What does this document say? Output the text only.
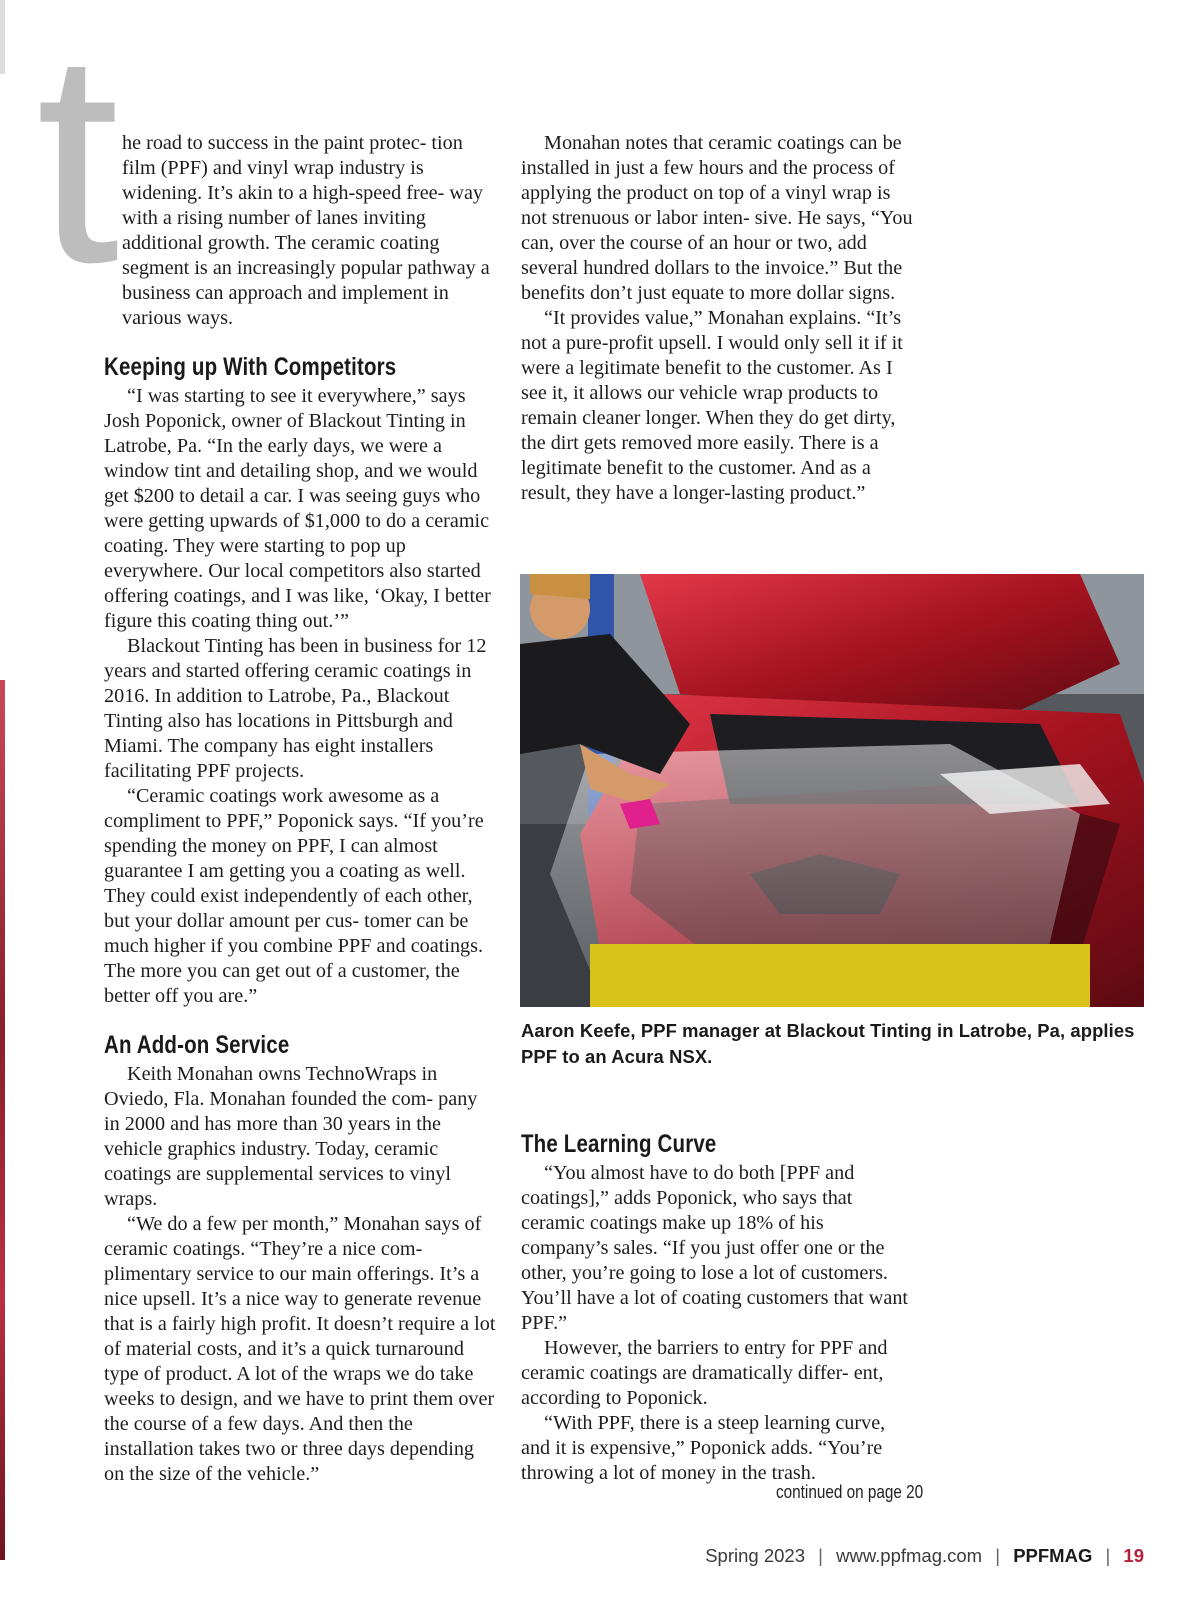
t he road to success in the paint protec- tion film (PPF) and vinyl wrap industry is widening. It’s akin to a high-speed free- way with a rising number of lanes inviting additional growth. The ceramic coating segment is an increasingly popular pathway a business can approach and implement in various ways.

Keeping up With Competitors

“I was starting to see it everywhere,” says Josh Poponick, owner of Blackout Tinting in Latrobe, Pa. “In the early days, we were a window tint and detailing shop, and we would get $200 to detail a car. I was seeing guys who were getting upwards of $1,000 to do a ceramic coating. They were starting to pop up everywhere. Our local competitors also started offering coatings, and I was like, ‘Okay, I better figure this coating thing out.’”

Blackout Tinting has been in business for 12 years and started offering ceramic coatings in 2016. In addition to Latrobe, Pa., Blackout Tinting also has locations in Pittsburgh and Miami. The company has eight installers facilitating PPF projects.

“Ceramic coatings work awesome as a compliment to PPF,” Poponick says. “If you’re spending the money on PPF, I can almost guarantee I am getting you a coating as well. They could exist independently of each other, but your dollar amount per cus- tomer can be much higher if you combine PPF and coatings. The more you can get out of a customer, the better off you are.”

An Add-on Service

Keith Monahan owns TechnoWraps in Oviedo, Fla. Monahan founded the com- pany in 2000 and has more than 30 years in the vehicle graphics industry. Today, ceramic coatings are supplemental services to vinyl wraps.

“We do a few per month,” Monahan says of ceramic coatings. “They’re a nice com- plimentary service to our main offerings. It’s a nice upsell. It’s a nice way to generate revenue that is a fairly high profit. It doesn’t require a lot of material costs, and it’s a quick turnaround type of product. A lot of the wraps we do take weeks to design, and we have to print them over the course of a few days. And then the installation takes two or three days depending on the size of the vehicle.”

Monahan notes that ceramic coatings can be installed in just a few hours and the process of applying the product on top of a vinyl wrap is not strenuous or labor inten- sive. He says, “You can, over the course of an hour or two, add several hundred dollars to the invoice.” But the benefits don’t just equate to more dollar signs.

“It provides value,” Monahan explains. “It’s not a pure-profit upsell. I would only sell it if it were a legitimate benefit to the customer. As I see it, it allows our vehicle wrap products to remain cleaner longer. When they do get dirty, the dirt gets removed more easily. There is a legitimate benefit to the customer. And as a result, they have a longer-lasting product.”

Aaron Keefe, PPF manager at Blackout Tinting in Latrobe, Pa, applies PPF to an Acura NSX.
The Learning Curve

“You almost have to do both [PPF and coatings],” adds Poponick, who says that ceramic coatings make up 18% of his company’s sales. “If you just offer one or the other, you’re going to lose a lot of customers. You’ll have a lot of coating customers that want PPF.”

However, the barriers to entry for PPF and ceramic coatings are dramatically differ- ent, according to Poponick.

“With PPF, there is a steep learning curve, and it is expensive,” Poponick adds. “You’re throwing a lot of money in the trash.

continued on page 20
Spring 2023 | www.ppfmag.com | PPFMAG | 19
